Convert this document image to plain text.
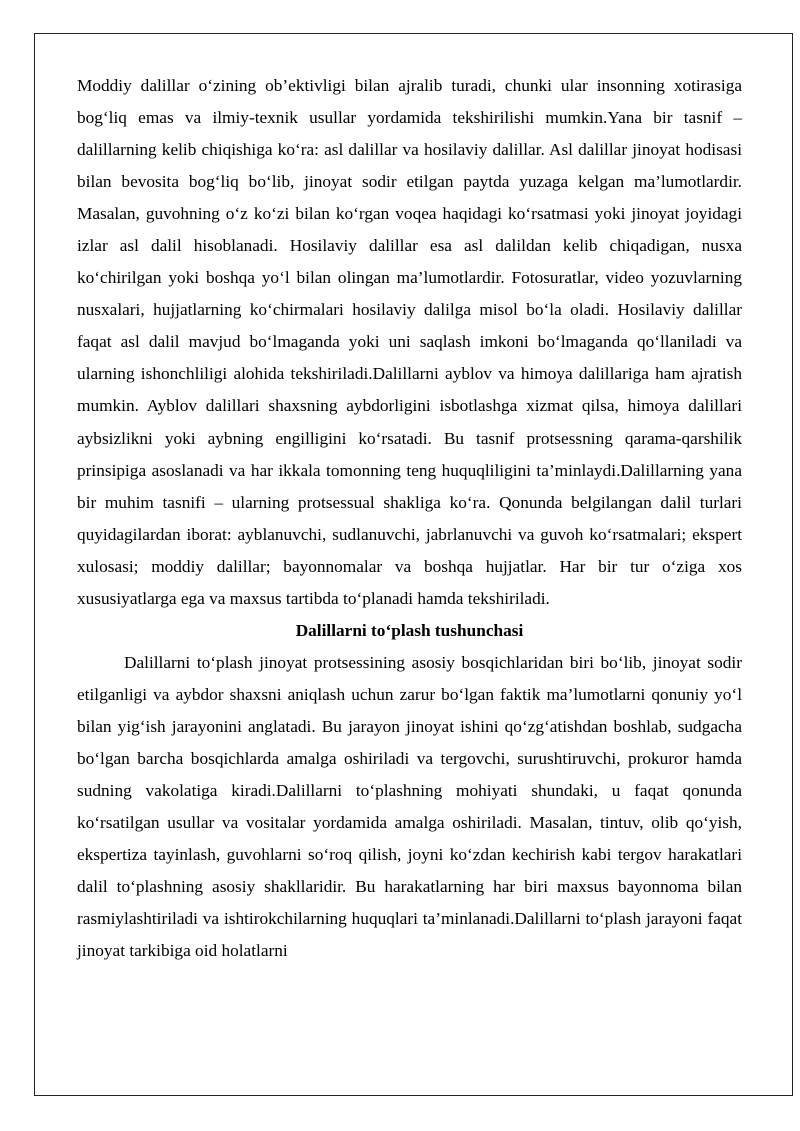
Moddiy dalillar o‘zining ob’ektivligi bilan ajralib turadi, chunki ular insonning xotirasiga bog‘liq emas va ilmiy-texnik usullar yordamida tekshirilishi mumkin.Yana bir tasnif – dalillarning kelib chiqishiga ko‘ra: asl dalillar va hosilaviy dalillar. Asl dalillar jinoyat hodisasi bilan bevosita bog‘liq bo‘lib, jinoyat sodir etilgan paytda yuzaga kelgan ma’lumotlardir. Masalan, guvohning o‘z ko‘zi bilan ko‘rgan voqea haqidagi ko‘rsatmasi yoki jinoyat joyidagi izlar asl dalil hisoblanadi. Hosilaviy dalillar esa asl dalildan kelib chiqadigan, nusxa ko‘chirilgan yoki boshqa yo‘l bilan olingan ma’lumotlardir. Fotosuratlar, video yozuvlarning nusxalari, hujjatlarning ko‘chirmalari hosilaviy dalilga misol bo‘la oladi. Hosilaviy dalillar faqat asl dalil mavjud bo‘lmaganda yoki uni saqlash imkoni bo‘lmaganda qo‘llaniladi va ularning ishonchliligi alohida tekshiriladi.Dalillarni ayblov va himoya dalillariga ham ajratish mumkin. Ayblov dalillari shaxsning aybdorligini isbotlashga xizmat qilsa, himoya dalillari aybsizlikni yoki aybning engilligini ko‘rsatadi. Bu tasnif protsessning qarama-qarshilik prinsipiga asoslanadi va har ikkala tomonning teng huquqliligini ta’minlaydi.Dalillarning yana bir muhim tasnifi – ularning protsessual shakliga ko‘ra. Qonunda belgilangan dalil turlari quyidagilardan iborat: ayblanuvchi, sudlanuvchi, jabrlanuvchi va guvoh ko‘rsatmalari; ekspert xulosasi; moddiy dalillar; bayonnomalar va boshqa hujjatlar. Har bir tur o‘ziga xos xususiyatlarga ega va maxsus tartibda to‘planadi hamda tekshiriladi.

Dalillarni to‘plash tushunchasi

Dalillarni to‘plash jinoyat protsessining asosiy bosqichlaridan biri bo‘lib, jinoyat sodir etilganligi va aybdor shaxsni aniqlash uchun zarur bo‘lgan faktik ma’lumotlarni qonuniy yo‘l bilan yig‘ish jarayonini anglatadi. Bu jarayon jinoyat ishini qo‘zg‘atishdan boshlab, sudgacha bo‘lgan barcha bosqichlarda amalga oshiriladi va tergovchi, surushtiruvchi, prokuror hamda sudning vakolatiga kiradi.Dalillarni to‘plashning mohiyati shundaki, u faqat qonunda ko‘rsatilgan usullar va vositalar yordamida amalga oshiriladi. Masalan, tintuv, olib qo‘yish, ekspertiza tayinlash, guvohlarni so‘roq qilish, joyni ko‘zdan kechirish kabi tergov harakatlari dalil to‘plashning asosiy shakllaridir. Bu harakatlarning har biri maxsus bayonnoma bilan rasmiylashtiriladi va ishtirokchilarning huquqlari ta’minlanadi.Dalillarni to‘plash jarayoni faqat jinoyat tarkibiga oid holatlarni
